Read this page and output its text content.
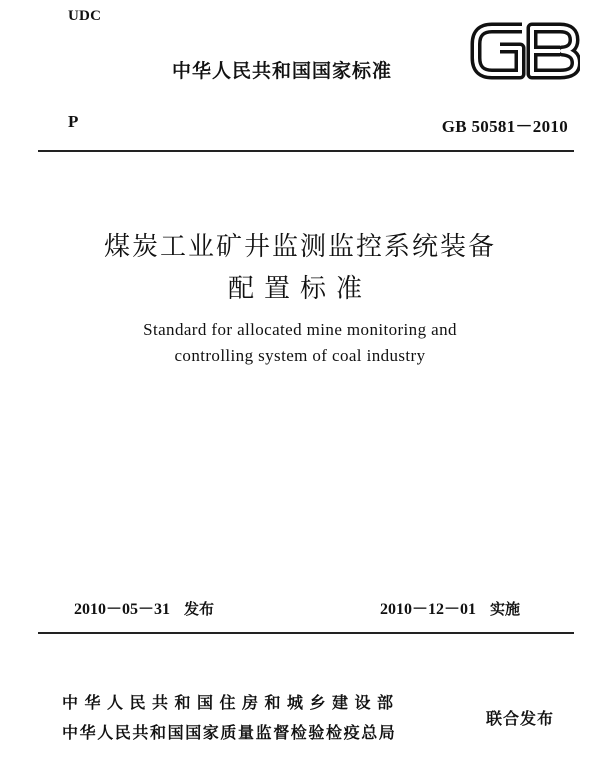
UDC
中华人民共和国国家标准
P	GB 50581－2010
煤炭工业矿井监测监控系统装备
配置标准
Standard for allocated mine monitoring and
controlling system of coal industry
2010－05－31 发布	2010－12－01 实施
中华人民共和国住房和城乡建设部
中华人民共和国国家质量监督检验检疫总局
联合发布
